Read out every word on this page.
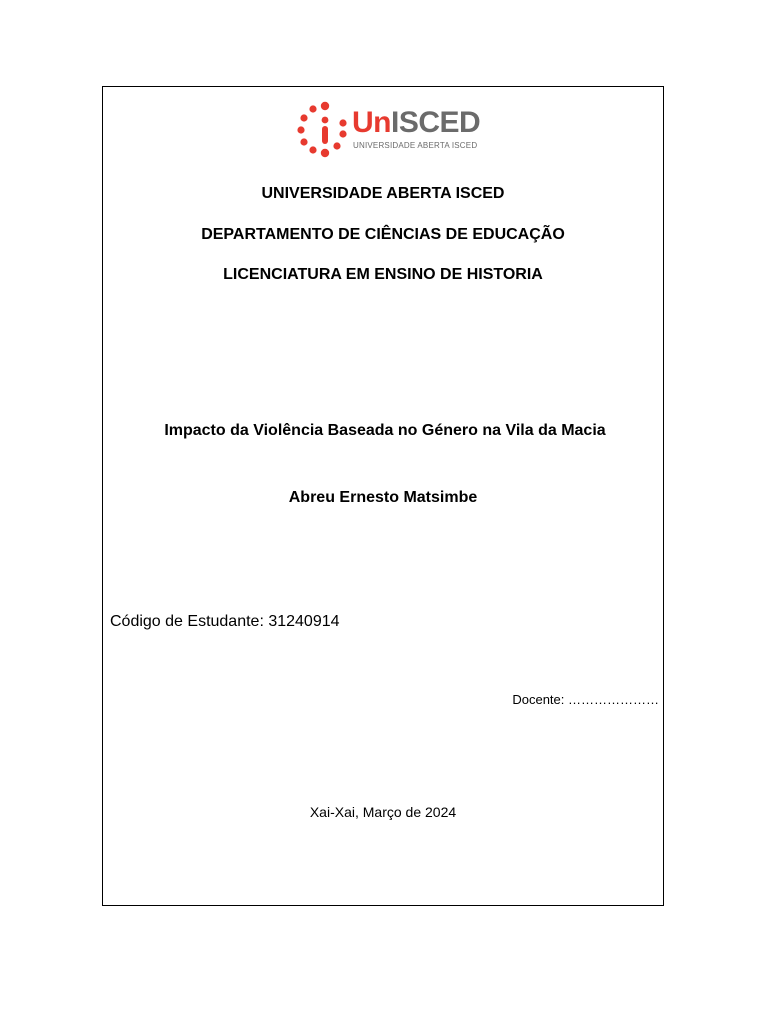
UnISCED
UNIVERSIDADE ABERTA ISCED
UNIVERSIDADE ABERTA ISCED
DEPARTAMENTO DE CIÊNCIAS DE EDUCAÇÃO
LICENCIATURA EM ENSINO DE HISTORIA
Impacto da Violência Baseada no Género na Vila da Macia
Abreu Ernesto Matsimbe
Código de Estudante: 31240914
Docente: …………………
Xai-Xai, Março de 2024
